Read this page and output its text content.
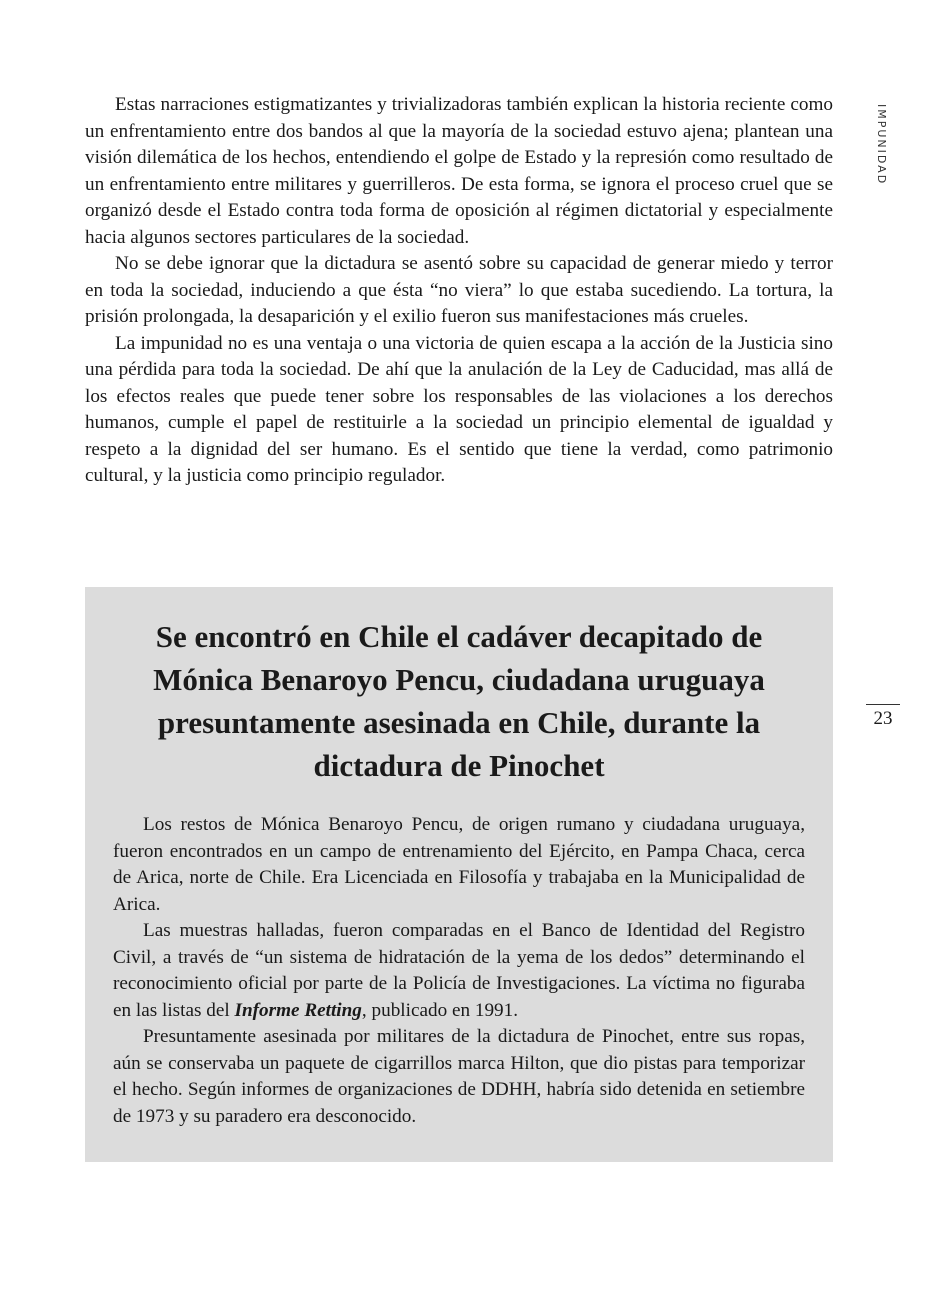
Estas narraciones estigmatizantes y trivializadoras también explican la historia reciente como un enfrentamiento entre dos bandos al que la mayoría de la sociedad estuvo ajena; plantean una visión dilemática de los hechos, entendiendo el golpe de Estado y la represión como resultado de un enfrentamiento entre militares y guerrilleros. De esta forma, se ignora el proceso cruel que se organizó desde el Estado contra toda forma de oposición al régimen dictatorial y especialmente hacia algunos sectores particulares de la sociedad.

No se debe ignorar que la dictadura se asentó sobre su capacidad de generar miedo y terror en toda la sociedad, induciendo a que ésta “no viera” lo que estaba sucediendo. La tortura, la prisión prolongada, la desaparición y el exilio fueron sus manifestaciones más crueles.

La impunidad no es una ventaja o una victoria de quien escapa a la acción de la Justicia sino una pérdida para toda la sociedad. De ahí que la anulación de la Ley de Caducidad, mas allá de los efectos reales que puede tener sobre los responsables de las violaciones a los derechos humanos, cumple el papel de restituirle a la sociedad un principio elemental de igualdad y respeto a la dignidad del ser humano. Es el sentido que tiene la verdad, como patrimonio cultural, y la justicia como principio regulador.

IMPUNIDAD
23
Se encontró en Chile el cadáver decapitado de Mónica Benaroyo Pencu, ciudadana uruguaya presuntamente asesinada en Chile, durante la dictadura de Pinochet

Los restos de Mónica Benaroyo Pencu, de origen rumano y ciudadana uruguaya, fueron encontrados en un campo de entrenamiento del Ejército, en Pampa Chaca, cerca de Arica, norte de Chile. Era Licenciada en Filosofía y trabajaba en la Municipalidad de Arica.

Las muestras halladas, fueron comparadas en el Banco de Identidad del Registro Civil, a través de “un sistema de hidratación de la yema de los dedos” determinando el reconocimiento oficial por parte de la Policía de Investigaciones. La víctima no figuraba en las listas del Informe Retting, publicado en 1991.

Presuntamente asesinada por militares de la dictadura de Pinochet, entre sus ropas, aún se conservaba un paquete de cigarrillos marca Hilton, que dio pistas para temporizar el hecho. Según informes de organizaciones de DDHH, habría sido detenida en setiembre de 1973 y su paradero era desconocido.
